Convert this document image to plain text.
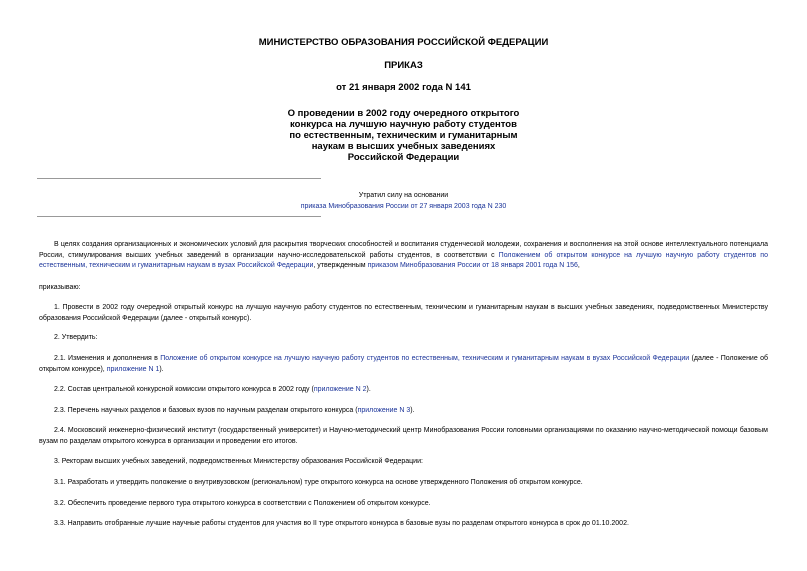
МИНИСТЕРСТВО ОБРАЗОВАНИЯ РОССИЙСКОЙ ФЕДЕРАЦИИ
ПРИКАЗ
от 21 января 2002 года N 141
О проведении в 2002 году очередного открытого
конкурса на лучшую научную работу студентов
по естественным, техническим и гуманитарным
наукам в высших учебных заведениях
Российской Федерации
Утратил силу на основании
приказа Минобразования России от 27 января 2003 года N 230
В целях создания организационных и экономических условий для раскрытия творческих способностей и воспитания студенческой молодежи, сохранения и восполнения на этой основе интеллектуального потенциала России, стимулирования высших учебных заведений в организации научно-исследовательской работы студентов, в соответствии с Положением об открытом конкурсе на лучшую научную работу студентов по естественным, техническим и гуманитарным наукам в вузах Российской Федерации, утвержденным приказом Минобразования России от 18 января 2001 года N 156,
приказываю:
1. Провести в 2002 году очередной открытый конкурс на лучшую научную работу студентов по естественным, техническим и гуманитарным наукам в высших учебных заведениях, подведомственных Министерству образования Российской Федерации (далее - открытый конкурс).
2. Утвердить:
2.1. Изменения и дополнения в Положение об открытом конкурсе на лучшую научную работу студентов по естественным, техническим и гуманитарным наукам в вузах Российской Федерации (далее - Положение об открытом конкурсе), приложение N 1).
2.2. Состав центральной конкурсной комиссии открытого конкурса в 2002 году (приложение N 2).
2.3. Перечень научных разделов и базовых вузов по научным разделам открытого конкурса (приложение N 3).
2.4. Московский инженерно-физический институт (государственный университет) и Научно-методический центр Минобразования России головными организациями по оказанию научно-методической помощи базовым вузам по разделам открытого конкурса в организации и проведении его итогов.
3. Ректорам высших учебных заведений, подведомственных Министерству образования Российской Федерации:
3.1. Разработать и утвердить положение о внутривузовском (региональном) туре открытого конкурса на основе утвержденного Положения об открытом конкурсе.
3.2. Обеспечить проведение первого тура открытого конкурса в соответствии с Положением об открытом конкурсе.
3.3. Направить отобранные лучшие научные работы студентов для участия во II туре открытого конкурса в базовые вузы по разделам открытого конкурса в срок до 01.10.2002.
